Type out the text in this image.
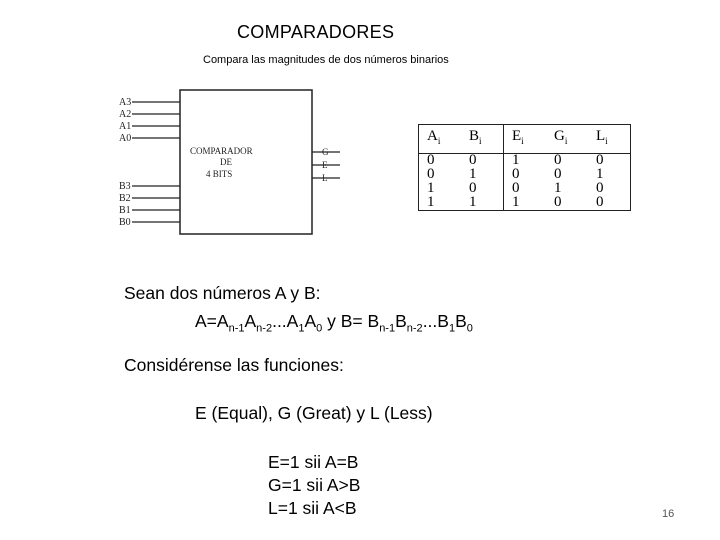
COMPARADORES
Compara las magnitudes de dos números binarios
A3
A2
A1
A0
B3
B2
B1
B0
COMPARADOR
DE
4 BITS
G
E
L
$A_i$	$B_i$	$E_i$	$G_i$	$L_i$
0	0	1	0	0
0	1	0	0	1
1	0	0	1	0
1	1	1	0	0
Sean dos números A y B:
$A=A_{n-1}A_{n-2}...A_1A_0$ y $B= B_{n-1}B_{n-2}...B_1B_0$
Considérense las funciones:
E (Equal), G (Great) y L (Less)
E=1 sii A=B
G=1 sii A>B
L=1 sii A<B	16
